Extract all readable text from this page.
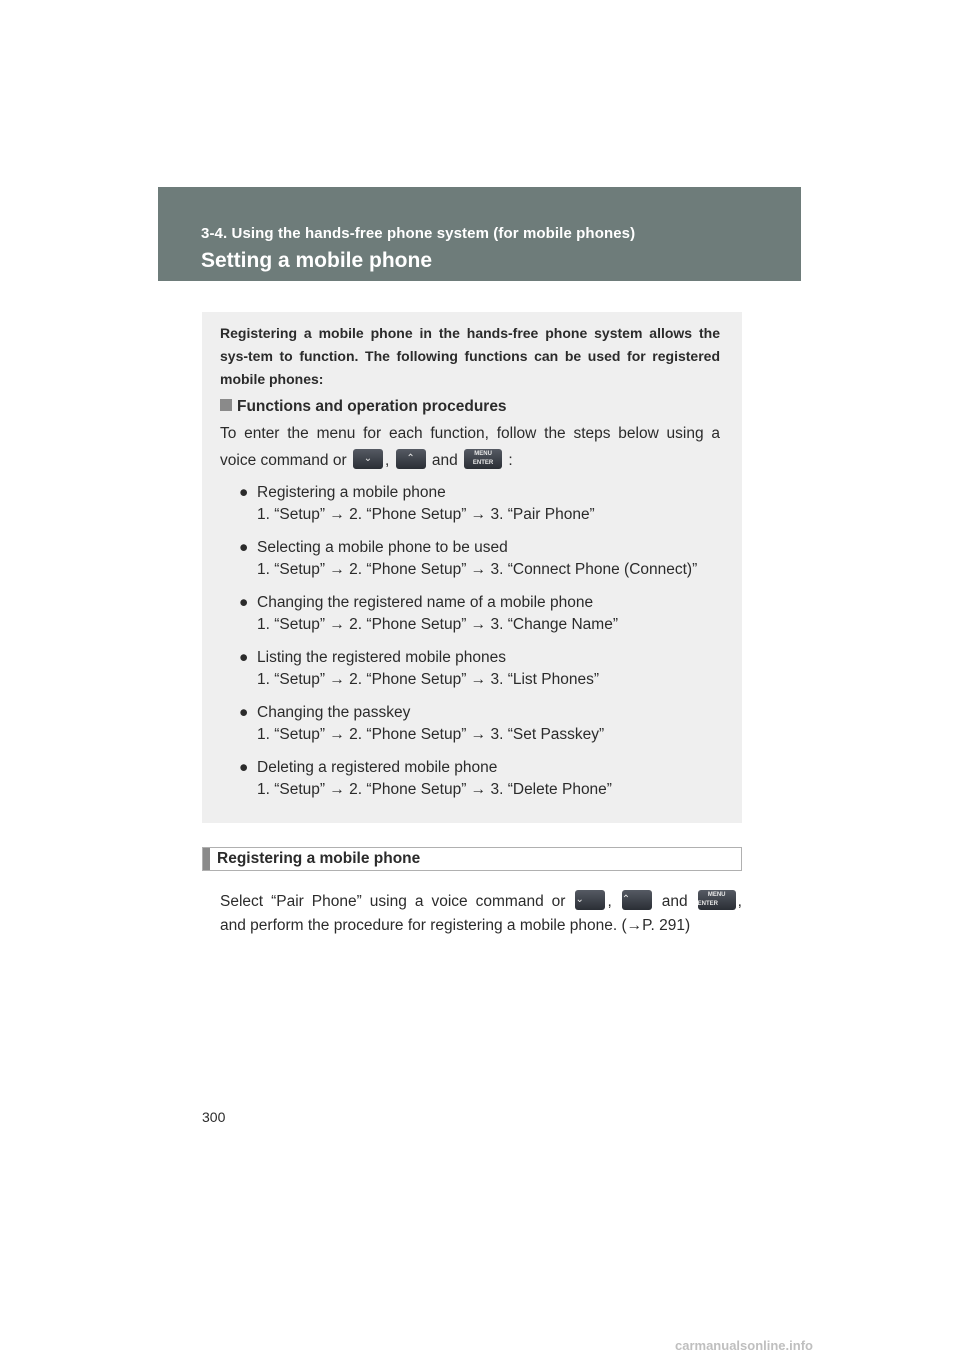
3-4. Using the hands-free phone system (for mobile phones)
Setting a mobile phone
Registering a mobile phone in the hands-free phone system allows the sys-tem to function. The following functions can be used for registered mobile phones:
Functions and operation procedures
To enter the menu for each function, follow the steps below using a
voice command or ⌄ , ⌃ and	MENU ENTER :
● Registering a mobile phone
1. “Setup” → 2. “Phone Setup” → 3. “Pair Phone”
● Selecting a mobile phone to be used
1. “Setup” → 2. “Phone Setup” → 3. “Connect Phone (Connect)”
● Changing the registered name of a mobile phone
1. “Setup” → 2. “Phone Setup” → 3. “Change Name”
● Listing the registered mobile phones
1. “Setup” → 2. “Phone Setup” → 3. “List Phones”
● Changing the passkey
1. “Setup” → 2. “Phone Setup” → 3. “Set Passkey”
● Deleting a registered mobile phone
1. “Setup” → 2. “Phone Setup” → 3. “Delete Phone”
Registering a mobile phone
Select “Pair Phone” using a voice command or ⌄ , ⌃ and	MENU ENTER ,
and perform the procedure for registering a mobile phone. (→P. 291)
300
carmanualsonline.info
